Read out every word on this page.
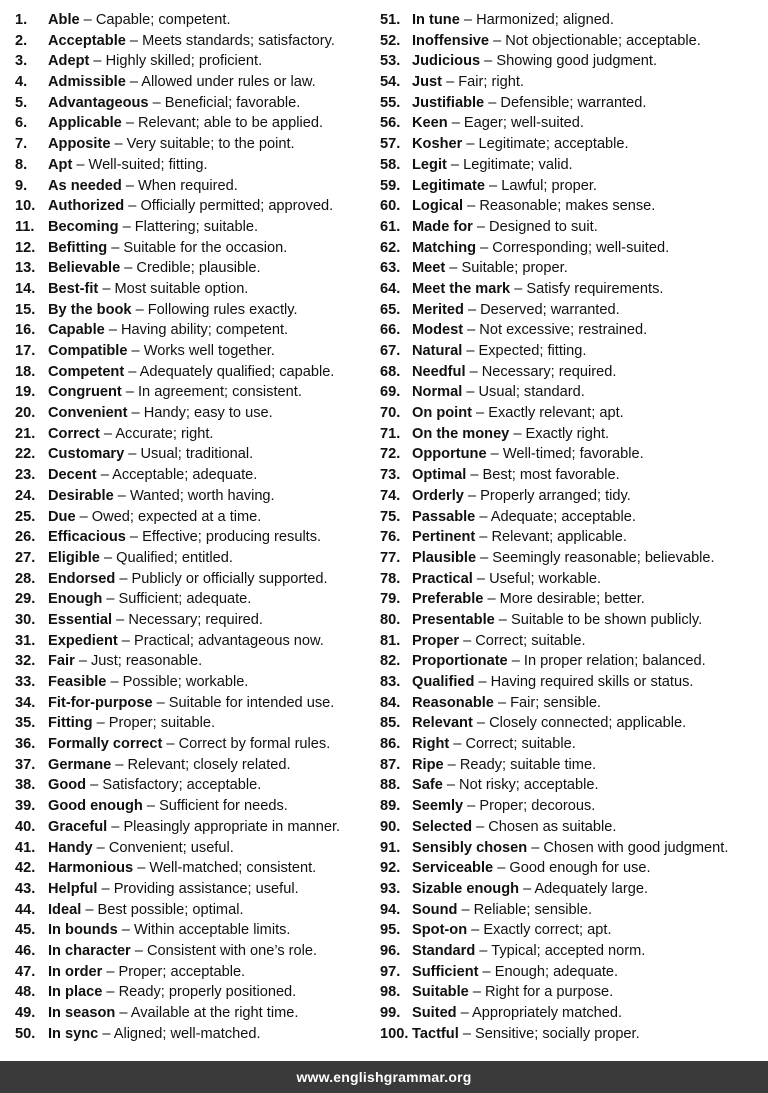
1. Able – Capable; competent.
2. Acceptable – Meets standards; satisfactory.
3. Adept – Highly skilled; proficient.
4. Admissible – Allowed under rules or law.
5. Advantageous – Beneficial; favorable.
6. Applicable – Relevant; able to be applied.
7. Apposite – Very suitable; to the point.
8. Apt – Well-suited; fitting.
9. As needed – When required.
10. Authorized – Officially permitted; approved.
11. Becoming – Flattering; suitable.
12. Befitting – Suitable for the occasion.
13. Believable – Credible; plausible.
14. Best-fit – Most suitable option.
15. By the book – Following rules exactly.
16. Capable – Having ability; competent.
17. Compatible – Works well together.
18. Competent – Adequately qualified; capable.
19. Congruent – In agreement; consistent.
20. Convenient – Handy; easy to use.
21. Correct – Accurate; right.
22. Customary – Usual; traditional.
23. Decent – Acceptable; adequate.
24. Desirable – Wanted; worth having.
25. Due – Owed; expected at a time.
26. Efficacious – Effective; producing results.
27. Eligible – Qualified; entitled.
28. Endorsed – Publicly or officially supported.
29. Enough – Sufficient; adequate.
30. Essential – Necessary; required.
31. Expedient – Practical; advantageous now.
32. Fair – Just; reasonable.
33. Feasible – Possible; workable.
34. Fit-for-purpose – Suitable for intended use.
35. Fitting – Proper; suitable.
36. Formally correct – Correct by formal rules.
37. Germane – Relevant; closely related.
38. Good – Satisfactory; acceptable.
39. Good enough – Sufficient for needs.
40. Graceful – Pleasingly appropriate in manner.
41. Handy – Convenient; useful.
42. Harmonious – Well-matched; consistent.
43. Helpful – Providing assistance; useful.
44. Ideal – Best possible; optimal.
45. In bounds – Within acceptable limits.
46. In character – Consistent with one’s role.
47. In order – Proper; acceptable.
48. In place – Ready; properly positioned.
49. In season – Available at the right time.
50. In sync – Aligned; well-matched.
51. In tune – Harmonized; aligned.
52. Inoffensive – Not objectionable; acceptable.
53. Judicious – Showing good judgment.
54. Just – Fair; right.
55. Justifiable – Defensible; warranted.
56. Keen – Eager; well-suited.
57. Kosher – Legitimate; acceptable.
58. Legit – Legitimate; valid.
59. Legitimate – Lawful; proper.
60. Logical – Reasonable; makes sense.
61. Made for – Designed to suit.
62. Matching – Corresponding; well-suited.
63. Meet – Suitable; proper.
64. Meet the mark – Satisfy requirements.
65. Merited – Deserved; warranted.
66. Modest – Not excessive; restrained.
67. Natural – Expected; fitting.
68. Needful – Necessary; required.
69. Normal – Usual; standard.
70. On point – Exactly relevant; apt.
71. On the money – Exactly right.
72. Opportune – Well-timed; favorable.
73. Optimal – Best; most favorable.
74. Orderly – Properly arranged; tidy.
75. Passable – Adequate; acceptable.
76. Pertinent – Relevant; applicable.
77. Plausible – Seemingly reasonable; believable.
78. Practical – Useful; workable.
79. Preferable – More desirable; better.
80. Presentable – Suitable to be shown publicly.
81. Proper – Correct; suitable.
82. Proportionate – In proper relation; balanced.
83. Qualified – Having required skills or status.
84. Reasonable – Fair; sensible.
85. Relevant – Closely connected; applicable.
86. Right – Correct; suitable.
87. Ripe – Ready; suitable time.
88. Safe – Not risky; acceptable.
89. Seemly – Proper; decorous.
90. Selected – Chosen as suitable.
91. Sensibly chosen – Chosen with good judgment.
92. Serviceable – Good enough for use.
93. Sizable enough – Adequately large.
94. Sound – Reliable; sensible.
95. Spot-on – Exactly correct; apt.
96. Standard – Typical; accepted norm.
97. Sufficient – Enough; adequate.
98. Suitable – Right for a purpose.
99. Suited – Appropriately matched.
100. Tactful – Sensitive; socially proper.
www.englishgrammar.org
